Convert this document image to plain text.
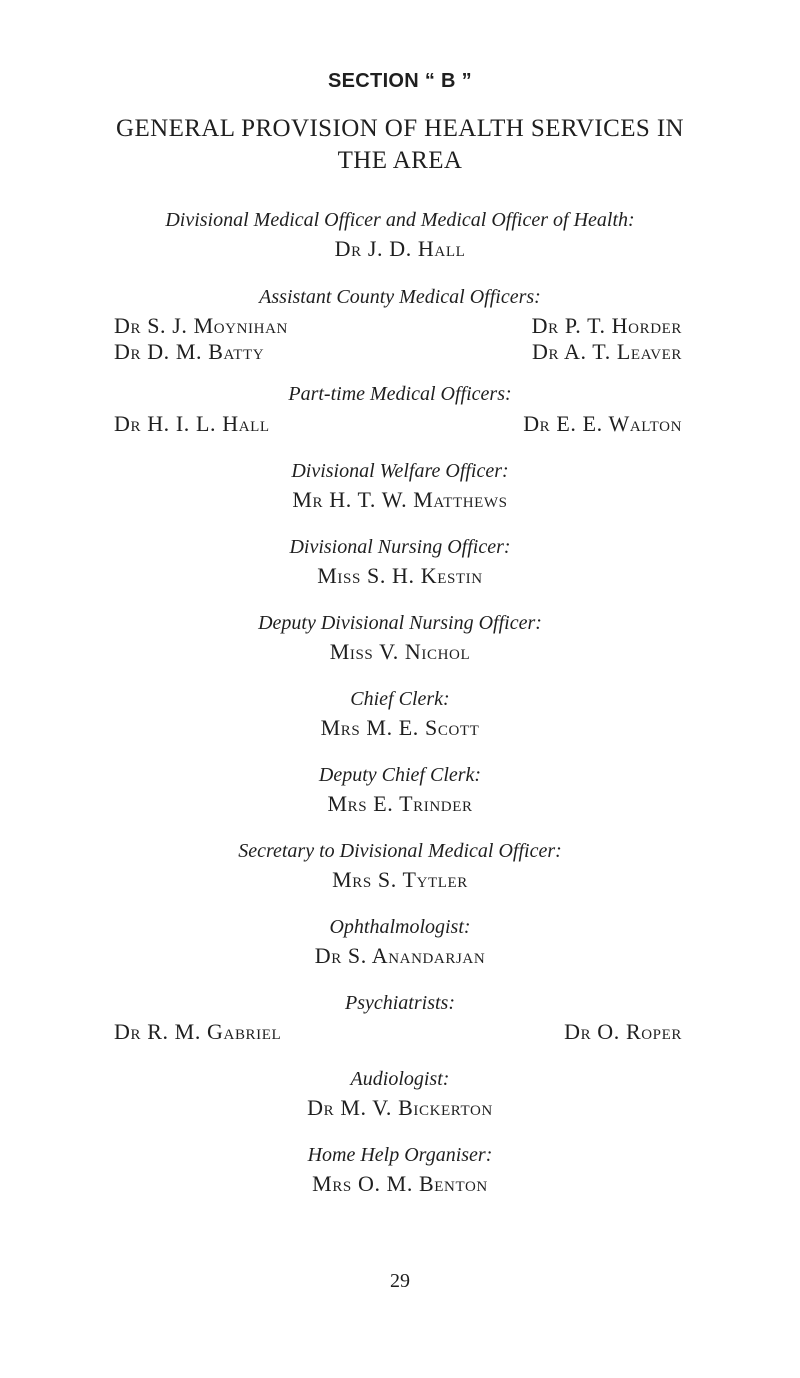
SECTION “ B ”
GENERAL PROVISION OF HEALTH SERVICES IN
THE AREA
Divisional Medical Officer and Medical Officer of Health:
Dr J. D. Hall
Assistant County Medical Officers:
Dr S. J. Moynihan	Dr P. T. Horder
Dr D. M. Batty	Dr A. T. Leaver
Part-time Medical Officers:
Dr H. I. L. Hall	Dr E. E. Walton
Divisional Welfare Officer:
Mr H. T. W. Matthews
Divisional Nursing Officer:
Miss S. H. Kestin
Deputy Divisional Nursing Officer:
Miss V. Nichol
Chief Clerk:
Mrs M. E. Scott
Deputy Chief Clerk:
Mrs E. Trinder
Secretary to Divisional Medical Officer:
Mrs S. Tytler
Ophthalmologist:
Dr S. Anandarjan
Psychiatrists:
Dr R. M. Gabriel	Dr O. Roper
Audiologist:
Dr M. V. Bickerton
Home Help Organiser:
Mrs O. M. Benton
29
